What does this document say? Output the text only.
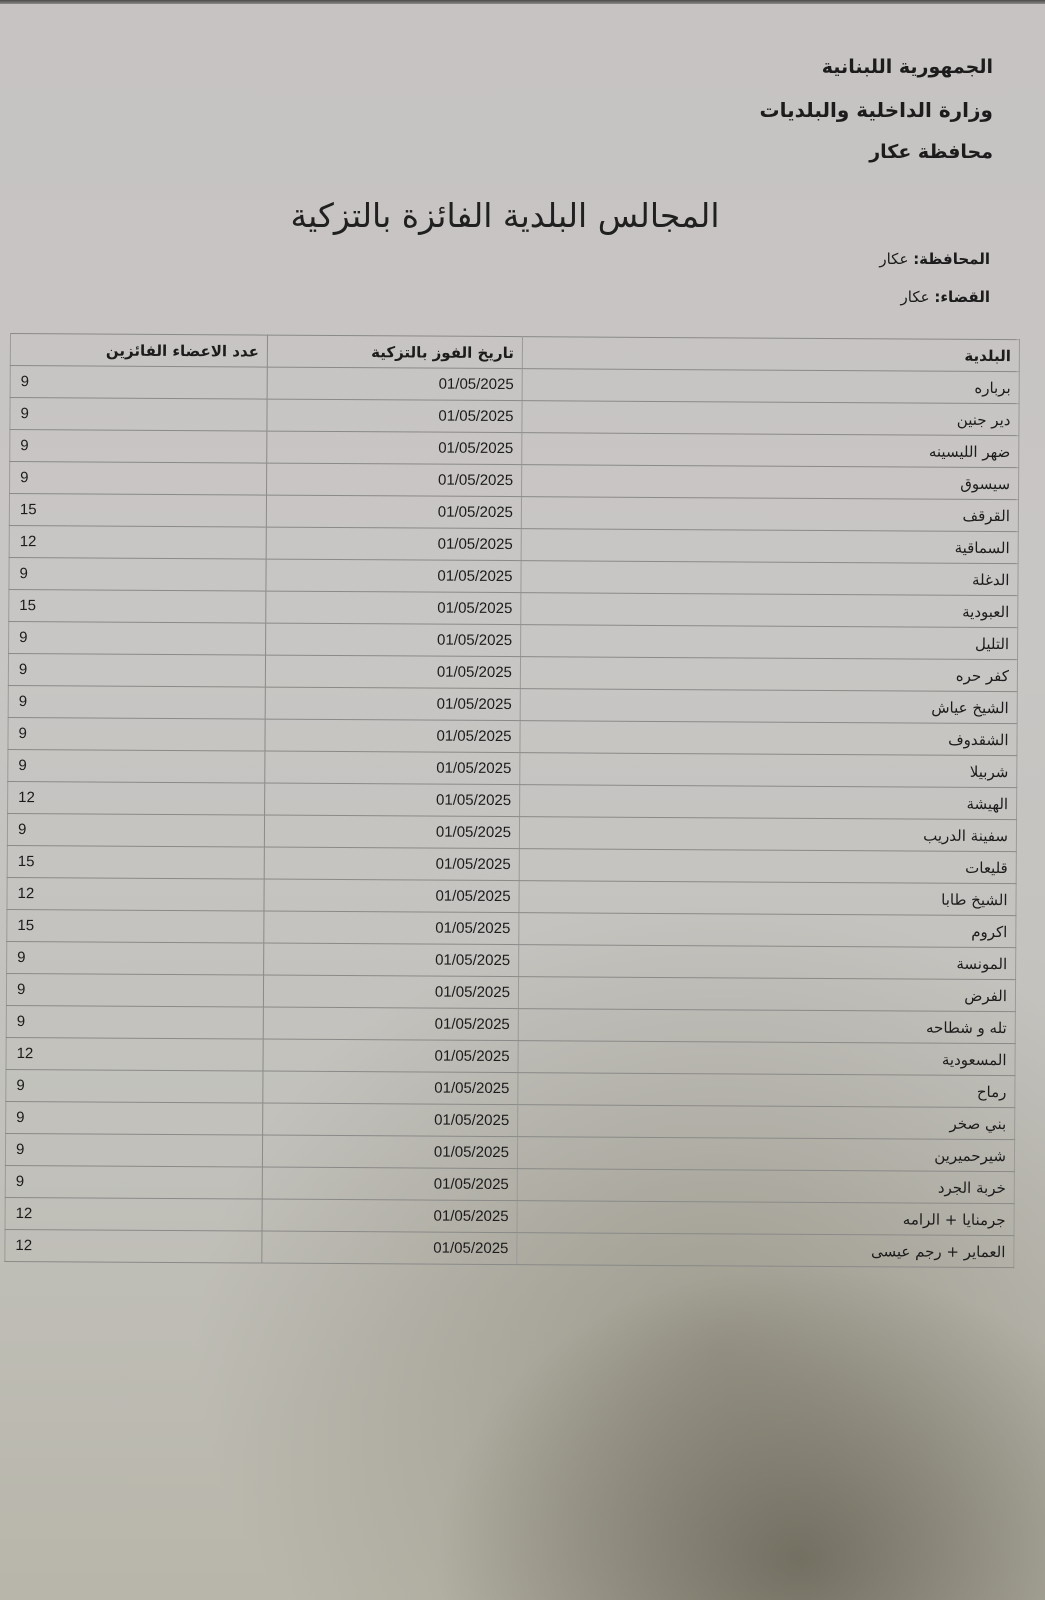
الجمهورية اللبنانية
وزارة الداخلية والبلديات
محافظة عكار
المجالس البلدية الفائزة بالتزكية
المحافظة: عكار
القضاء: عكار
البلدية	تاريخ الفوز بالتزكية	عدد الاعضاء الفائزين
برباره	01/05/2025	9
دير جنين	01/05/2025	9
ضهر الليسينه	01/05/2025	9
سيسوق	01/05/2025	9
القرقف	01/05/2025	15
السماقية	01/05/2025	12
الدغلة	01/05/2025	9
العبودية	01/05/2025	15
التليل	01/05/2025	9
كفر حره	01/05/2025	9
الشيخ عياش	01/05/2025	9
الشقدوف	01/05/2025	9
شربيلا	01/05/2025	9
الهيشة	01/05/2025	12
سفينة الدريب	01/05/2025	9
قليعات	01/05/2025	15
الشيخ طابا	01/05/2025	12
اكروم	01/05/2025	15
المونسة	01/05/2025	9
الفرض	01/05/2025	9
تله و شطاحه	01/05/2025	9
المسعودية	01/05/2025	12
رماح	01/05/2025	9
بني صخر	01/05/2025	9
شيرحميرين	01/05/2025	9
خربة الجرد	01/05/2025	9
جرمنايا + الرامه	01/05/2025	12
العماير + رجم عيسى	01/05/2025	12
